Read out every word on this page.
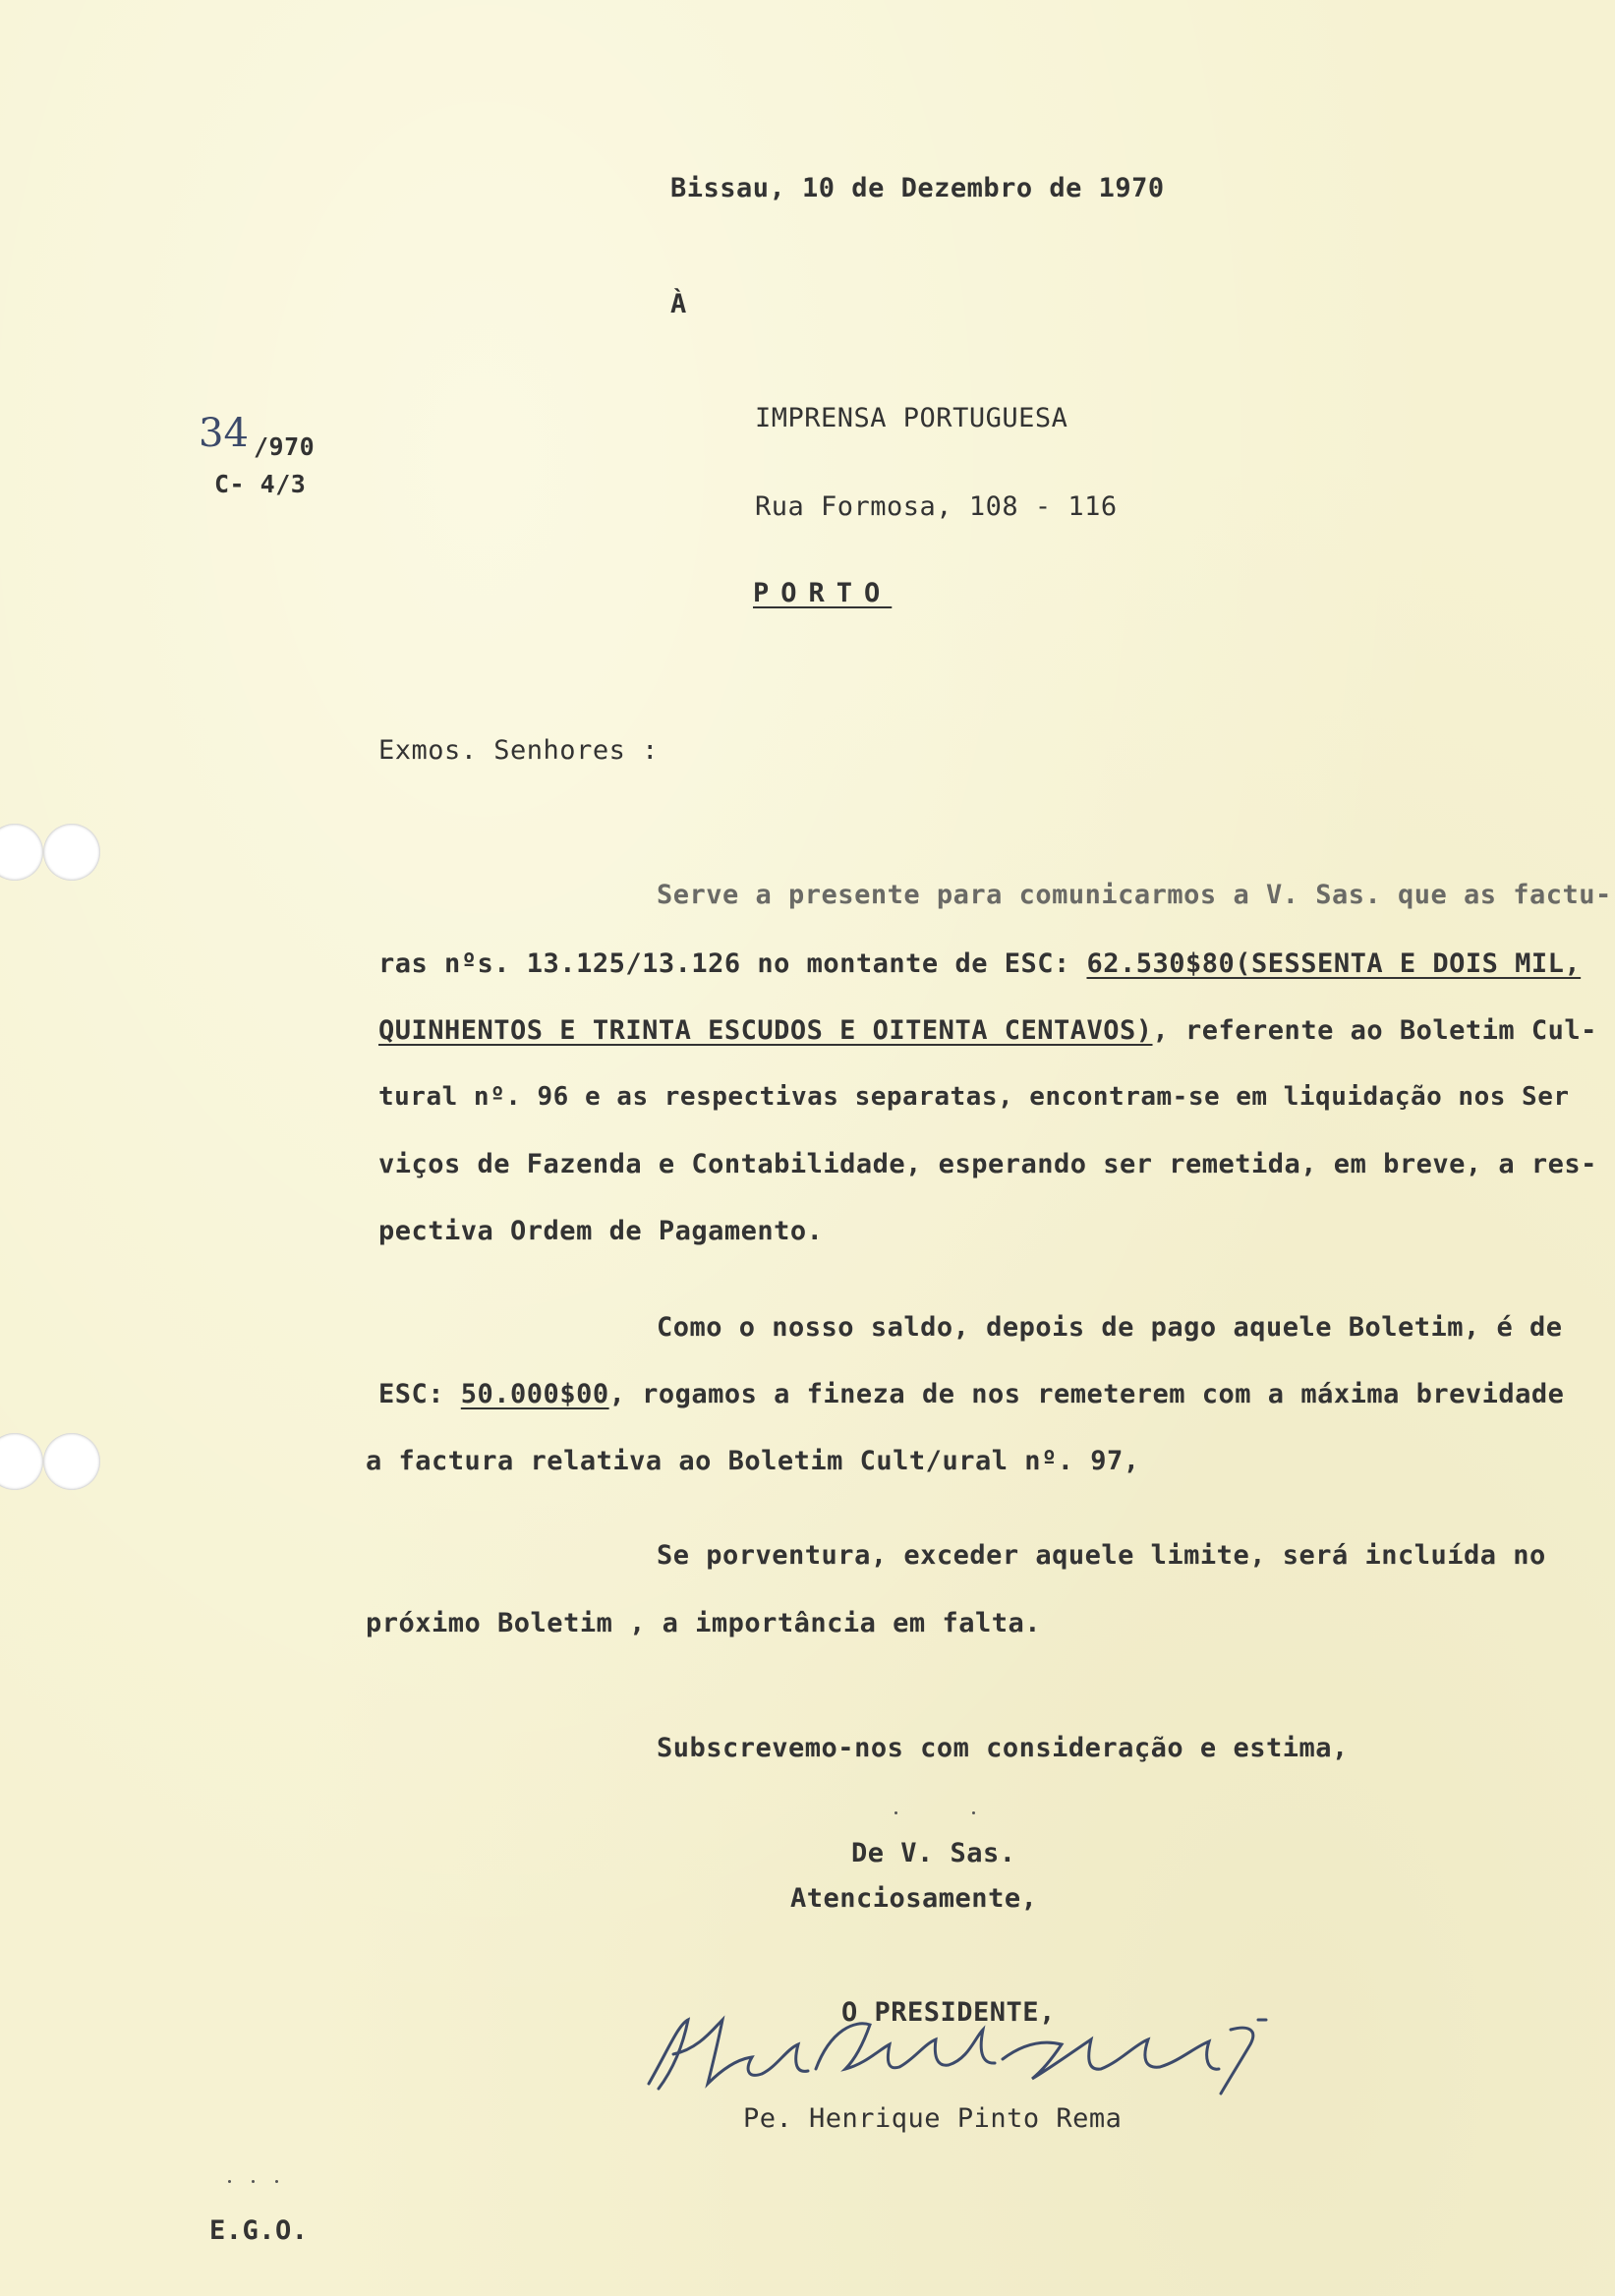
Bissau, 10 de Dezembro de 1970
À
34 /970
C- 4/3
IMPRENSA PORTUGUESA
Rua Formosa, 108 - 116
PORTO
Exmos. Senhores :
Serve a presente para comunicarmos a V. Sas. que as factu-
ras nºs. 13.125/13.126 no montante de ESC: 62.530$80(SESSENTA E DOIS MIL,
QUINHENTOS E TRINTA ESCUDOS E OITENTA CENTAVOS), referente ao Boletim Cul-
tural nº. 96 e as respectivas separatas, encontram-se em liquidação nos Ser
viços de Fazenda e Contabilidade, esperando ser remetida, em breve, a res-
pectiva Ordem de Pagamento.
Como o nosso saldo, depois de pago aquele Boletim, é de
ESC: 50.000$00, rogamos a fineza de nos remeterem com a máxima brevidade
a factura relativa ao Boletim Cult/ural nº. 97,
Se porventura, exceder aquele limite, será incluída no
próximo Boletim , a importância em falta.
Subscrevemo-nos com consideração e estima,
De V. Sas.
Atenciosamente,
O PRESIDENTE,
Pe. Henrique Pinto Rema
E.G.O.
